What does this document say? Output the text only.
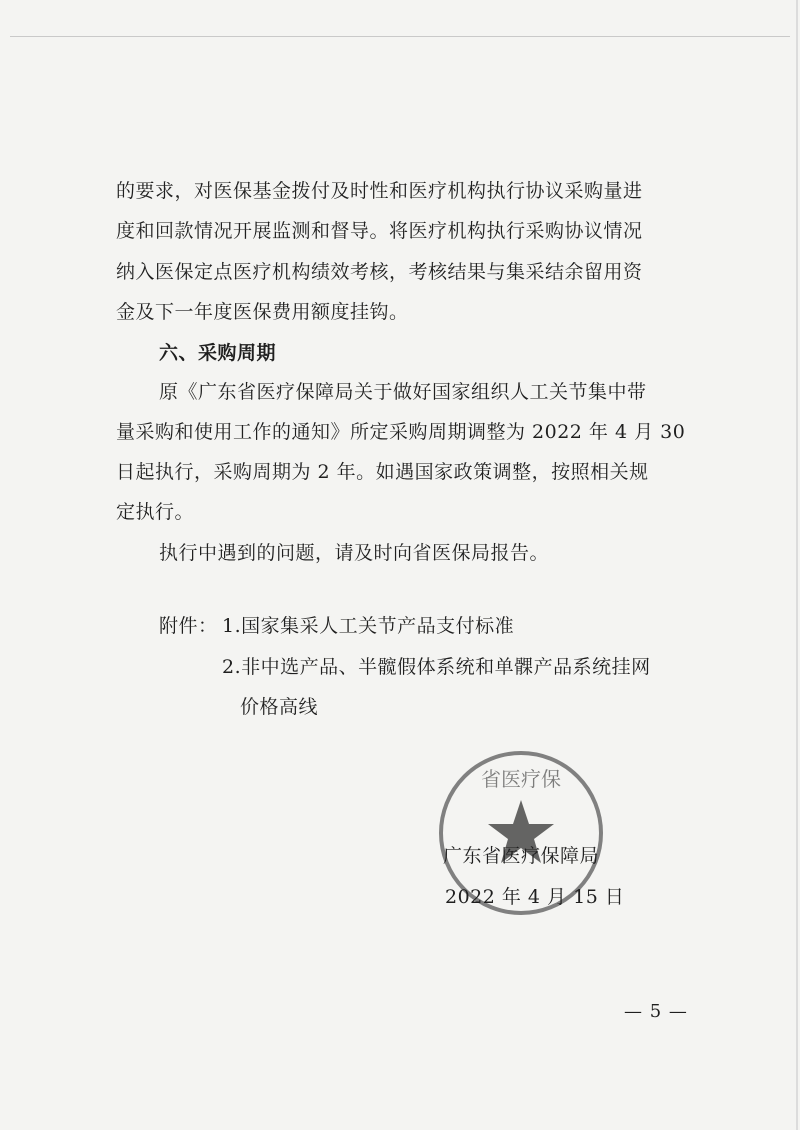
的要求，对医保基金拨付及时性和医疗机构执行协议采购量进
度和回款情况开展监测和督导。将医疗机构执行采购协议情况
纳入医保定点医疗机构绩效考核，考核结果与集采结余留用资
金及下一年度医保费用额度挂钩。
六、采购周期
原《广东省医疗保障局关于做好国家组织人工关节集中带
量采购和使用工作的通知》所定采购周期调整为 2022 年 4 月 30
日起执行，采购周期为 2 年。如遇国家政策调整，按照相关规
定执行。
执行中遇到的问题，请及时向省医保局报告。
附件： 1.国家集采人工关节产品支付标准
2.非中选产品、半髋假体系统和单髁产品系统挂网
价格高线
省医疗保
广东省医疗保障局
2022 年 4 月 15 日
— 5 —
